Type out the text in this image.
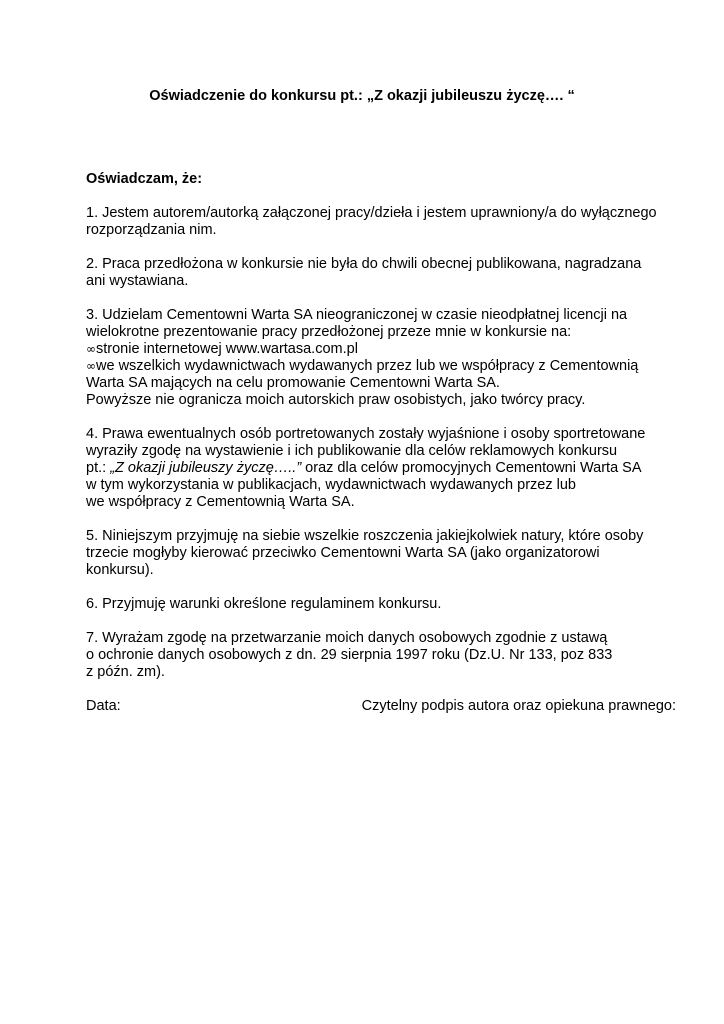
Oświadczenie do konkursu pt.: „Z okazji jubileuszu życzę…. “
Oświadczam, że:

1. Jestem autorem/autorką załączonej pracy/dzieła i jestem uprawniony/a do wyłącznego
rozporządzania nim.

2. Praca przedłożona w konkursie nie była do chwili obecnej publikowana, nagradzana
ani wystawiana.

3. Udzielam Cementowni Warta SA nieograniczonej w czasie nieodpłatnej licencji na
wielokrotne prezentowanie pracy przedłożonej przeze mnie w konkursie na:
∞stronie internetowej www.wartasa.com.pl
∞we wszelkich wydawnictwach wydawanych przez lub we współpracy z Cementownią
Warta SA mających na celu promowanie Cementowni Warta SA.
Powyższe nie ogranicza moich autorskich praw osobistych, jako twórcy pracy.

4. Prawa ewentualnych osób portretowanych zostały wyjaśnione i osoby sportretowane
wyraziły zgodę na wystawienie i ich publikowanie dla celów reklamowych konkursu
pt.: „Z okazji jubileuszy życzę…..” oraz dla celów promocyjnych Cementowni Warta SA
w tym wykorzystania w publikacjach, wydawnictwach wydawanych przez lub
we współpracy z Cementownią Warta SA.

5. Niniejszym przyjmuję na siebie wszelkie roszczenia jakiejkolwiek natury, które osoby
trzecie mogłyby kierować przeciwko Cementowni Warta SA (jako organizatorowi
konkursu).

6. Przyjmuję warunki określone regulaminem konkursu.

7. Wyrażam zgodę na przetwarzanie moich danych osobowych zgodnie z ustawą
o ochronie danych osobowych z dn. 29 sierpnia 1997 roku (Dz.U. Nr 133, poz 833
z późn. zm).

Data:	Czytelny podpis autora oraz opiekuna prawnego:
